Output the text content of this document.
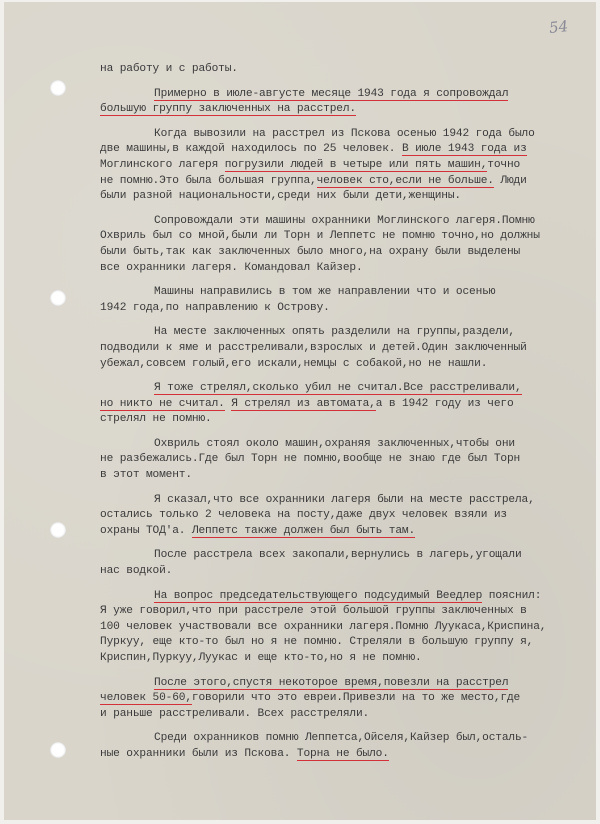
54
на работу и с работы.
Примерно в июле-августе месяце 1943 года я сопровождал
большую группу заключенных на расстрел.
Когда вывозили на расстрел из Пскова осенью 1942 года было
две машины,в каждой находилось по 25 человек. В июле 1943 года из
Моглинского лагеря погрузили людей в четыре или пять машин,точно
не помню.Это была большая группа,человек сто,если не больше. Люди
были разной национальности,среди них были дети,женщины.
Сопровождали эти машины охранники Моглинского лагеря.Помню
Охвриль был со мной,были ли Торн и Леппетс не помню точно,но должны
были быть,так как заключенных было много,на охрану были выделены
все охранники лагеря. Командовал Кайзер.
Машины направились в том же направлении что и осенью
1942 года,по направлению к Острову.
На месте заключенных опять разделили на группы,раздели,
подводили к яме и расстреливали,взрослых и детей.Один заключенный
убежал,совсем голый,его искали,немцы с собакой,но не нашли.
Я тоже стрелял,сколько убил не считал.Все расстреливали,
но никто не считал. Я стрелял из автомата,а в 1942 году из чего
стрелял не помню.
Охвриль стоял около машин,охраняя заключенных,чтобы они
не разбежались.Где был Торн не помню,вообще не знаю где был Торн
в этот момент.
Я сказал,что все охранники лагеря были на месте расстрела,
остались только 2 человека на посту,даже двух человек взяли из
охраны ТОД'а. Леппетс также должен был быть там.
После расстрела всех закопали,вернулись в лагерь,угощали
нас водкой.
На вопрос председательствующего подсудимый Веедлер пояснил:
Я уже говорил,что при расстреле этой большой группы заключенных в
100 человек участвовали все охранники лагеря.Помню Луукаса,Криспина,
Пуркуу, еще кто-то был но я не помню. Стреляли в большую группу я,
Криспин,Пуркуу,Луукас и еще кто-то,но я не помню.
После этого,спустя некоторое время,повезли на расстрел
человек 50-60,говорили что это евреи.Привезли на то же место,где
и раньше расстреливали. Всех расстреляли.
Среди охранников помню Леппетса,Ойселя,Кайзер был,осталь-
ные охранники были из Пскова. Торна не было.
